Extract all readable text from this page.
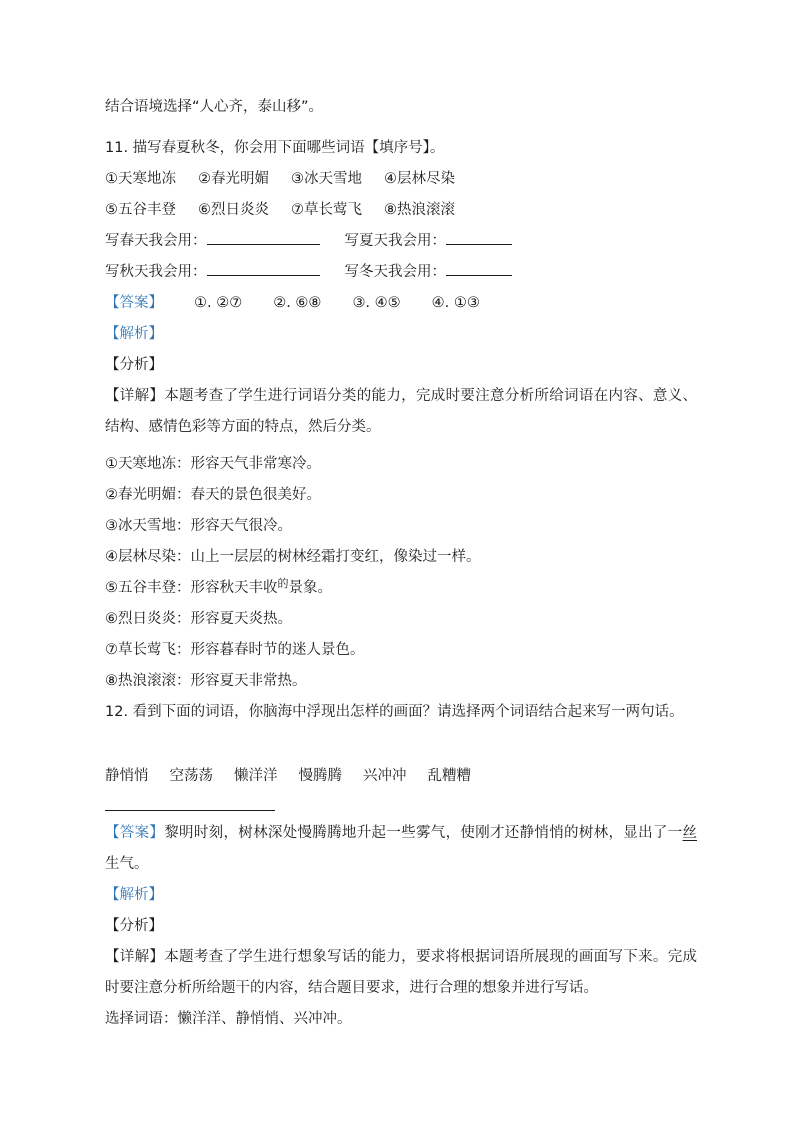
结合语境选择“人心齐，泰山移”。

11. 描写春夏秋冬，你会用下面哪些词语【填序号】。

①天寒地冻 ②春光明媚 ③冰天雪地 ④层林尽染

⑤五谷丰登 ⑥烈日炎炎 ⑦草长莺飞 ⑧热浪滚滚

写春天我会用：	写夏天我会用：

写秋天我会用：	写冬天我会用：

【答案】 ①. ②⑦ ②. ⑥⑧ ③. ④⑤ ④. ①③

【解析】

【分析】

【详解】本题考查了学生进行词语分类的能力，完成时要注意分析所给词语在内容、意义、结构、感情色彩等方面的特点，然后分类。

①天寒地冻：形容天气非常寒冷。

②春光明媚：春天的景色很美好。

③冰天雪地：形容天气很冷。

④层林尽染：山上一层层的树林经霜打变红，像染过一样。

⑤五谷丰登：形容秋天丰收$^的$景象。

⑥烈日炎炎：形容夏天炎热。

⑦草长莺飞：形容暮春时节的迷人景色。

⑧热浪滚滚：形容夏天非常热。

12. 看到下面的词语，你脑海中浮现出怎样的画面？请选择两个词语结合起来写一两句话。

静悄悄 空荡荡 懒洋洋 慢腾腾 兴冲冲 乱糟糟

【答案】黎明时刻，树林深处慢腾腾地升起一些雾气，使刚才还静悄悄的树林，显出了一丝生气。

【解析】

【分析】

【详解】本题考查了学生进行想象写话的能力，要求将根据词语所展现的画面写下来。完成时要注意分析所给题干的内容，结合题目要求，进行合理的想象并进行写话。

选择词语：懒洋洋、静悄悄、兴冲冲。
